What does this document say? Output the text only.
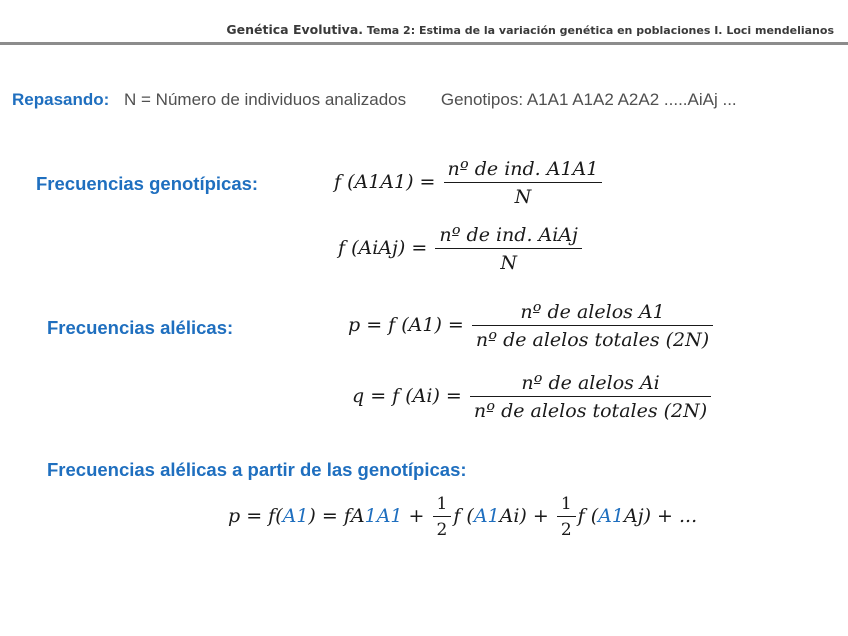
Genética Evolutiva. Tema 2: Estima de la variación genética en poblaciones I. Loci mendelianos
Repasando: N = Número de individuos analizados Genotipos: A1A1 A1A2 A2A2 .....AiAj ...
Frecuencias genotípicas:	f $(A1A1) = \frac{\text{nº de ind. A1A1}}{N}$
f (AiAj) = $\frac{\text{nº de ind. AiAj}}{N}$
Frecuencias alélicas:	p = f $(A1) = \frac{\text{nº de alelos A1}}{\text{nº de alelos totales (2N)}}$
q = f $(Ai) = \frac{\text{nº de alelos Ai}}{\text{nº de alelos totales (2N)}}$
Frecuencias alélicas a partir de las genotípicas:
$p = f(A1) = fA1A1 + \frac{1}{2}$ f $(A1Ai) + \frac{1}{2}$ f (A1Aj) + ...
